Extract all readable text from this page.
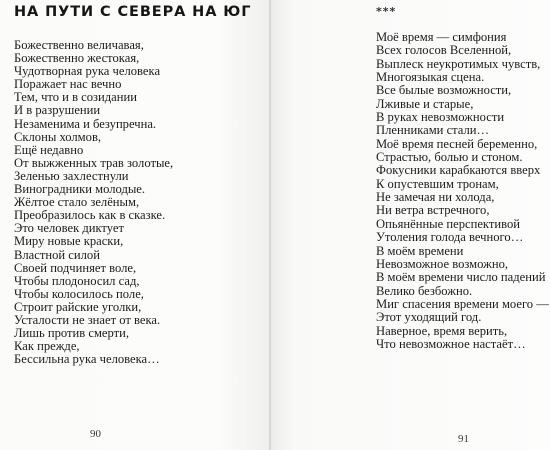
НА ПУТИ С СЕВЕРА НА ЮГ
Божественно величавая,
Божественно жестокая,
Чудотворная рука человека
Поражает нас вечно
Тем, что и в созидании
И в разрушении
Незаменима и безупречна.
Склоны холмов,
Ещё недавно
От выжженных трав золотые,
Зеленью захлестнули
Виноградники молодые.
Жёлтое стало зелёным,
Преобразилось как в сказке.
Это человек диктует
Миру новые краски,
Властной силой
Своей подчиняет воле,
Чтобы плодоносил сад,
Чтобы колосилось поле,
Строит райские уголки,
Усталости не знает от века.
Лишь против смерти,
Как прежде,
Бессильна рука человека…
90
***
Моё время — симфония
Всех голосов Вселенной,
Выплеск неукротимых чувств,
Многоязыкая сцена.
Все былые возможности,
Лживые и старые,
В руках невозможности
Пленниками стали…
Моё время песней беременно,
Страстью, болью и стоном.
Фокусники карабкаются вверх
К опустевшим тронам,
Не замечая ни холода,
Ни ветра встречного,
Опьянённые перспективой
Утоления голода вечного…
В моём времени
Невозможное возможно,
В моём времени число падений
Велико безбожно.
Миг спасения времени моего —
Этот уходящий год.
Наверное, время верить,
Что невозможное настаёт…
91
